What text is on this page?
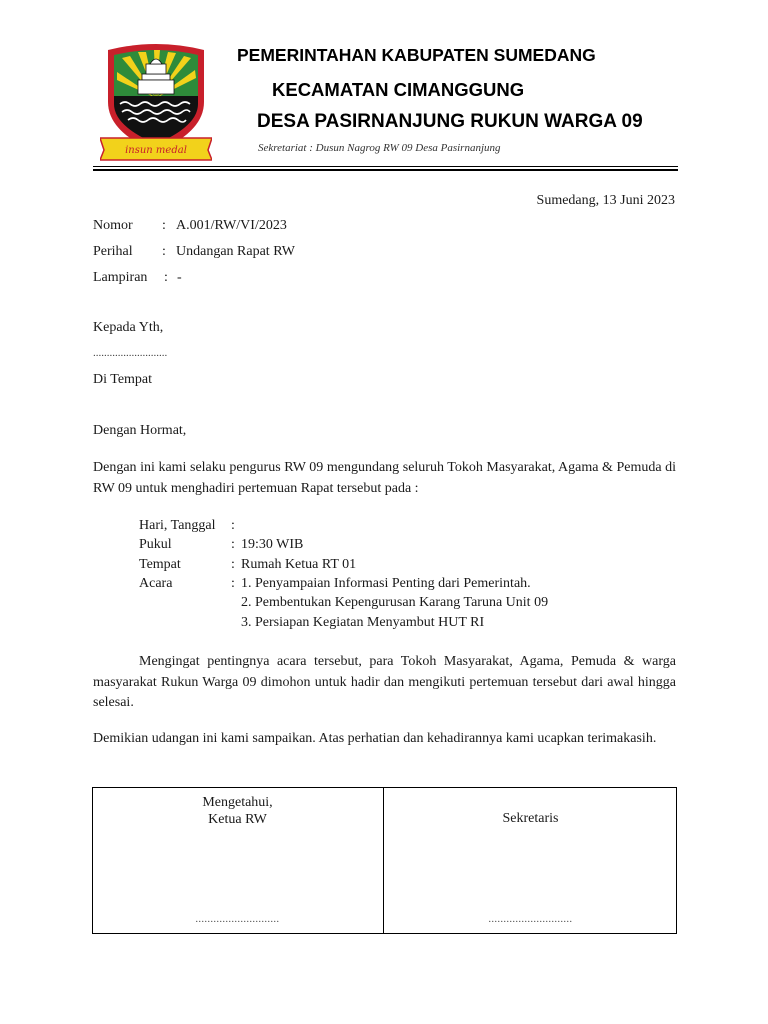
insun medal
PEMERINTAHAN KABUPATEN SUMEDANG
KECAMATAN CIMANGGUNG
DESA PASIRNANJUNG RUKUN WARGA 09
Sekretariat : Dusun Nagrog RW 09 Desa Pasirnanjung
Sumedang, 13 Juni 2023
Nomor : A.001/RW/VI/2023
Perihal : Undangan Rapat RW
Lampiran : -
Kepada Yth,
...........................
Di Tempat
Dengan Hormat,
Dengan ini kami selaku pengurus RW 09 mengundang seluruh Tokoh Masyarakat, Agama & Pemuda di RW 09 untuk menghadiri pertemuan Rapat tersebut pada :
Hari, Tanggal :
Pukul	: 19:30 WIB
Tempat	: Rumah Ketua RT 01
Acara	: 1. Penyampaian Informasi Penting dari Pemerintah.
2. Pembentukan Kepengurusan Karang Taruna Unit 09
3. Persiapan Kegiatan Menyambut HUT RI
Mengingat pentingnya acara tersebut, para Tokoh Masyarakat, Agama, Pemuda & warga masyarakat Rukun Warga 09 dimohon untuk hadir dan mengikuti pertemuan tersebut dari awal hingga selesai.
Demikian udangan ini kami sampaikan. Atas perhatian dan kehadirannya kami ucapkan terimakasih.
Mengetahui,
Ketua RW	Sekretaris
............................	............................
